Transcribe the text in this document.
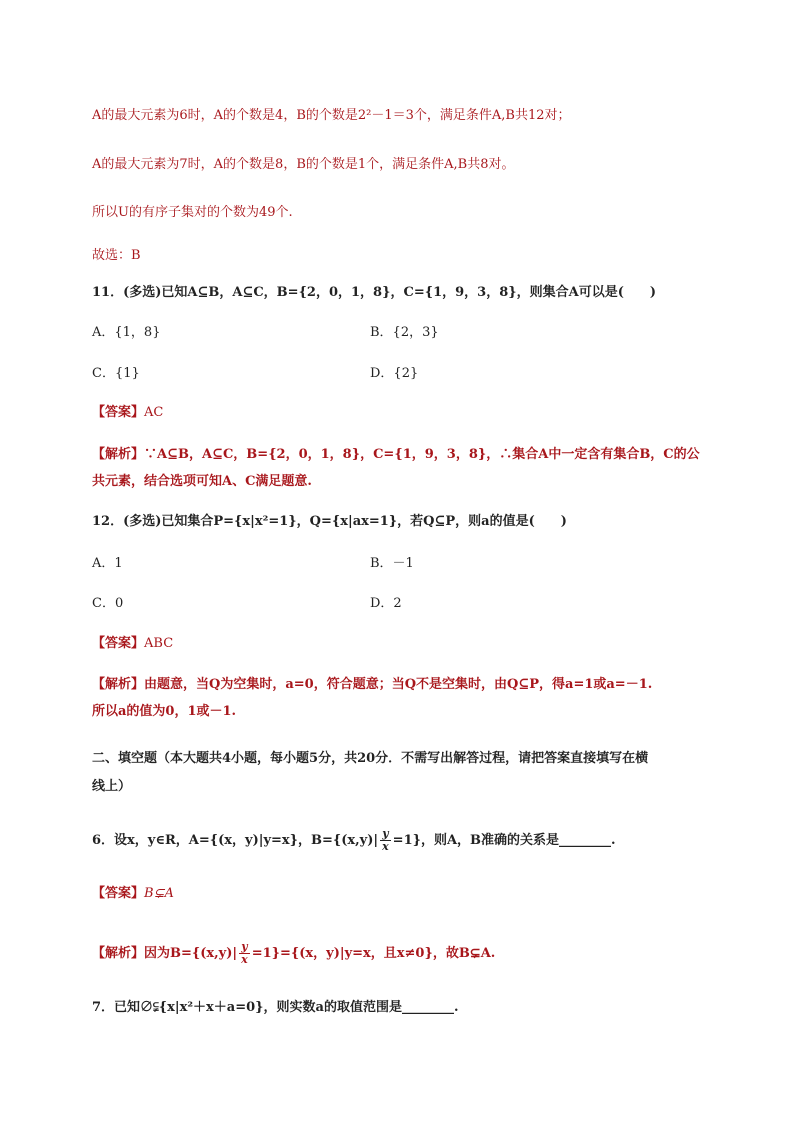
A的最大元素为6时，A的个数是4，B的个数是2²－1＝3个，满足条件A,B共12对；
A的最大元素为7时，A的个数是8，B的个数是1个，满足条件A,B共8对。
所以U的有序子集对的个数为49个.
故选：B
11．(多选)已知A⊆B，A⊆C，B={2，0，1，8}，C={1，9，3，8}，则集合A可以是(　　)
A．{1，8}	B．{2，3}
C．{1}	D．{2}
【答案】AC
【解析】∵A⊆B，A⊆C，B={2，0，1，8}，C={1，9，3，8}，∴集合A中一定含有集合B，C的公
共元素，结合选项可知A、C满足题意.
12．(多选)已知集合P={x|x²=1}，Q={x|ax=1}，若Q⊆P，则a的值是(　　)
A．1	B．－1
C．0	D．2
【答案】ABC
【解析】由题意，当Q为空集时，a=0，符合题意；当Q不是空集时，由Q⊆P，得a=1或a=－1.
所以a的值为0，1或－1.
二、填空题（本大题共4小题，每小题5分，共20分．不需写出解答过程，请把答案直接填写在横
线上）
6．设x，y∈R，A={(x，y)|y=x}，$B=\{(x,y)| \frac{y}{x} =1\}$，则A，B准确的关系是________.
【答案】B⊊A
【解析】因为$B=\{(x,y)| \frac{y}{x} =1\}=\{(x$，y)|y=x，且x≠0}，故B⊊A.
7．已知∅⫋{x|x²＋x＋a=0}，则实数a的取值范围是________.
